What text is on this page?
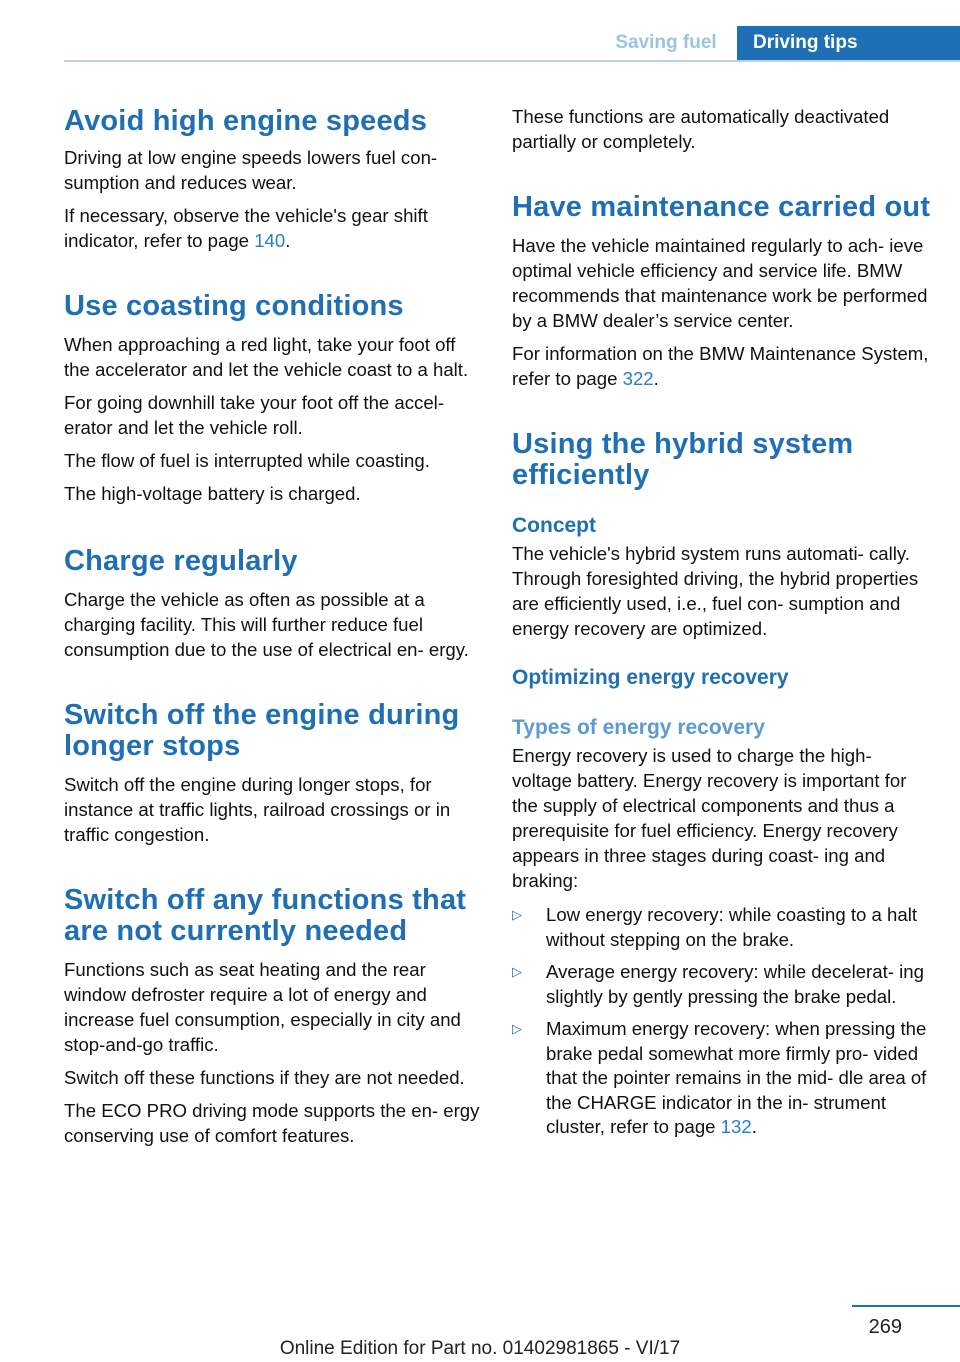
Saving fuel	Driving tips
Avoid high engine speeds

Driving at low engine speeds lowers fuel con‐ sumption and reduces wear.

If necessary, observe the vehicle's gear shift indicator, refer to page 140.

Use coasting conditions

When approaching a red light, take your foot off the accelerator and let the vehicle coast to a halt.

For going downhill take your foot off the accel‐ erator and let the vehicle roll.

The flow of fuel is interrupted while coasting.

The high-voltage battery is charged.

Charge regularly

Charge the vehicle as often as possible at a charging facility. This will further reduce fuel consumption due to the use of electrical en‐ ergy.

Switch off the engine during longer stops

Switch off the engine during longer stops, for instance at traffic lights, railroad crossings or in traffic congestion.

Switch off any functions that are not currently needed

Functions such as seat heating and the rear window defroster require a lot of energy and increase fuel consumption, especially in city and stop-and-go traffic.

Switch off these functions if they are not needed.

The ECO PRO driving mode supports the en‐ ergy conserving use of comfort features.

These functions are automatically deactivated partially or completely.

Have maintenance carried out

Have the vehicle maintained regularly to ach‐ ieve optimal vehicle efficiency and service life. BMW recommends that maintenance work be performed by a BMW dealer’s service center.

For information on the BMW Maintenance System, refer to page 322.

Using the hybrid system efficiently
Concept

The vehicle's hybrid system runs automati‐ cally. Through foresighted driving, the hybrid properties are efficiently used, i.e., fuel con‐ sumption and energy recovery are optimized.

Optimizing energy recovery
Types of energy recovery

Energy recovery is used to charge the high- voltage battery. Energy recovery is important for the supply of electrical components and thus a prerequisite for fuel efficiency. Energy recovery appears in three stages during coast‐ ing and braking:

▷ Low energy recovery: while coasting to a halt without stepping on the brake.
▷ Average energy recovery: while decelerat‐ ing slightly by gently pressing the brake pedal.
▷ Maximum energy recovery: when pressing the brake pedal somewhat more firmly pro‐ vided that the pointer remains in the mid‐ dle area of the CHARGE indicator in the in‐ strument cluster, refer to page 132.
269
Online Edition for Part no. 01402981865 - VI/17
